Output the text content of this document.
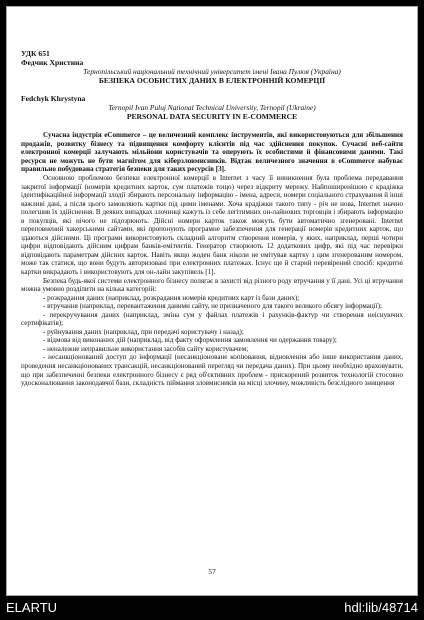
УДК 651
Федчик Христина
Тернопільський національний технічний університет імені Івана Пулюя (Україна)
БЕЗПЕКА ОСОБИСТИХ ДАНИХ В ЕЛЕКТРОННІЙ КОМЕРЦІЇ
Fedchyk Khrystyna
Ternopil Ivan Puluj National Technical University, Ternopil (Ukraine)
PERSONAL DATA SECURITY IN E-COMMERCE

Сучасна індустрія eCommerce – це величезний комплекс інструментів, які використовуються для збільшення продажів, розвитку бізнесу та підвищення комфорту клієнтів під час здійснення покупок. Сучасні веб-сайти електронної комерції залучають мільйони користувачів та оперують їх особистими й фінансовими даними. Такі ресурси не можуть не бути магнітом для кіберзловмисників. Відтак величезного значення в eCommerce набуває правильно побудована стратегія безпеки для таких ресурсів [3].

Основною проблемою безпеки електронної комерції в Internet з часу її виникнення була проблема передавання закритої інформації (номерів кредитних карток, сум платежів тощо) через відкриту мережу. Найпоширенішою є крадіжка ідентифікаційної інформації злодії збирають персональну інформацію - імена, адреси, номери соціального страхування й інші важливі дані, а після цього замовляють картки під цими іменами. Хоча крадіжки такого типу - річ не нова, Internet значно полегшив їх здійснення. В деяких випадках злочинці кажуть із себе легітимних он-лайнових торговців і збирають інформацію в покупців, які нічого не підозрюють. Дійсні номери карток також можуть бути автоматично згенеровані. Internet переповнений хакерськими сайтами, які пропонують програмне забезпечення для генерації номерів кредитних карток, що здаються дійсними. Ці програми використовують складний алгоритм створення номерів, у яких, наприклад, перші чотири цифри відповідають дійсним цифрам банків-емітентів. Генератор створюють 12 додаткових цифр, які під час перевірки відповідають параметрам дійсних карток. Навіть якщо жоден банк ніколи не емітував картку з цим згенерованим номером, може так статися, що вони будуть авторизовані при електронних платежах. Існує ще й старий перевірений спосіб: кредитні картки викрадають і використовують для он-лайн закупівель [1].

Безпека будь-якої системи електронного бізнесу полягає в захисті від різного роду втручання у її дані. Усі ці втручання можна умовно розділити на кілька категорій:

- розкрадання даних (наприклад, розкрадання номерів кредитних карт із бази даних);

- втручання (наприклад, перевантаження даними сайту, не призначеного для такого великого обсягу інформації);

- перекручування даних (наприклад, зміна сум у файлах платежів і рахунків-фактур чи створення неіснуючих сертифікатів);

- руйнування даних (наприклад, при передачі користувачу і назад);

- відмова від виконаних дій (наприклад, від факту оформлення замовлення чи одержання товару);

- неналежне неправильне використання засобів сайту користувачем;

- несанкціонований доступ до інформації (несанкціоноване копіювання, відновлення або інше використання даних, проведення несанкціонованих трансакцій, несанкціонований перегляд чи передача даних). При цьому необхідно враховувати, що при забезпеченні безпеки електронного бізнесу є ряд об'єктивних проблем - прискорений розвиток технологій стосовно удосконалювання законодавчої бази, складність піймання зловмисників на місці злочину, можливість безслідного знищення

57
ELARTU	hdl:lib/48714
